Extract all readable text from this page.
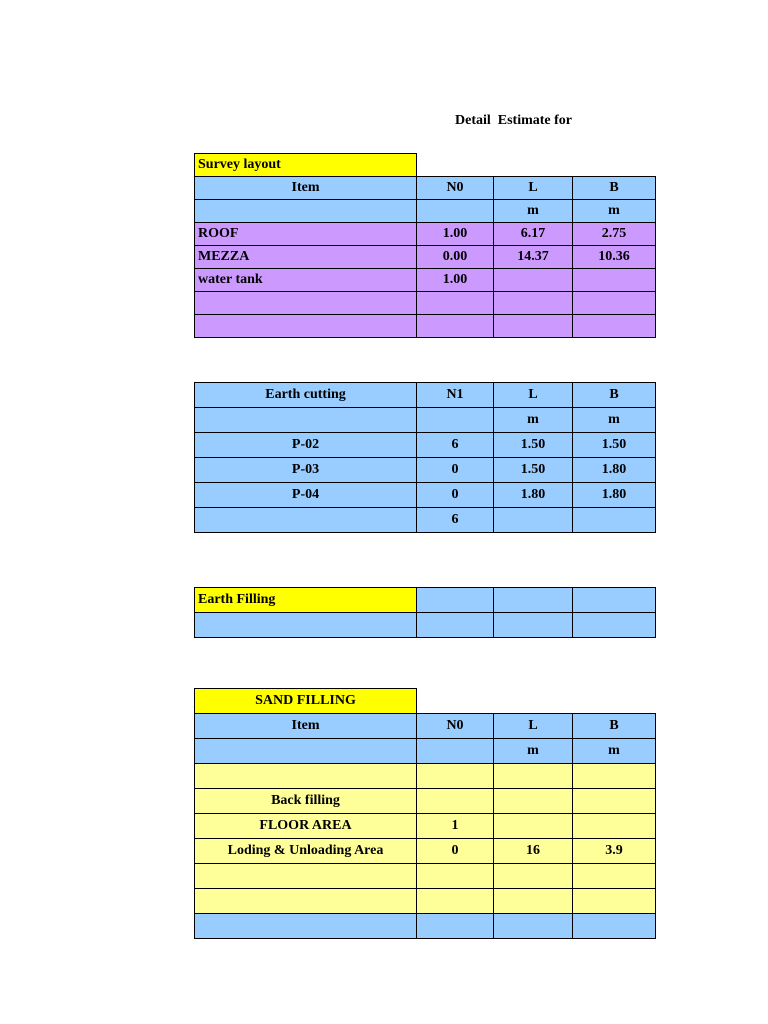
Detail  Estimate for
Survey layout			
Item	N0	L	B
		m	m
ROOF	1.00	6.17	2.75
MEZZA	0.00	14.37	10.36
water tank	1.00		

Earth cutting	N1	L	B
		m	m
P-02	6	1.50	1.50
P-03	0	1.50	1.80
P-04	0	1.80	1.80
	6		
Earth Filling			

SAND FILLING			
Item	N0	L	B
		m	m

Back filling			
FLOOR AREA	1		
Loding & Unloading Area	0	16	3.9
